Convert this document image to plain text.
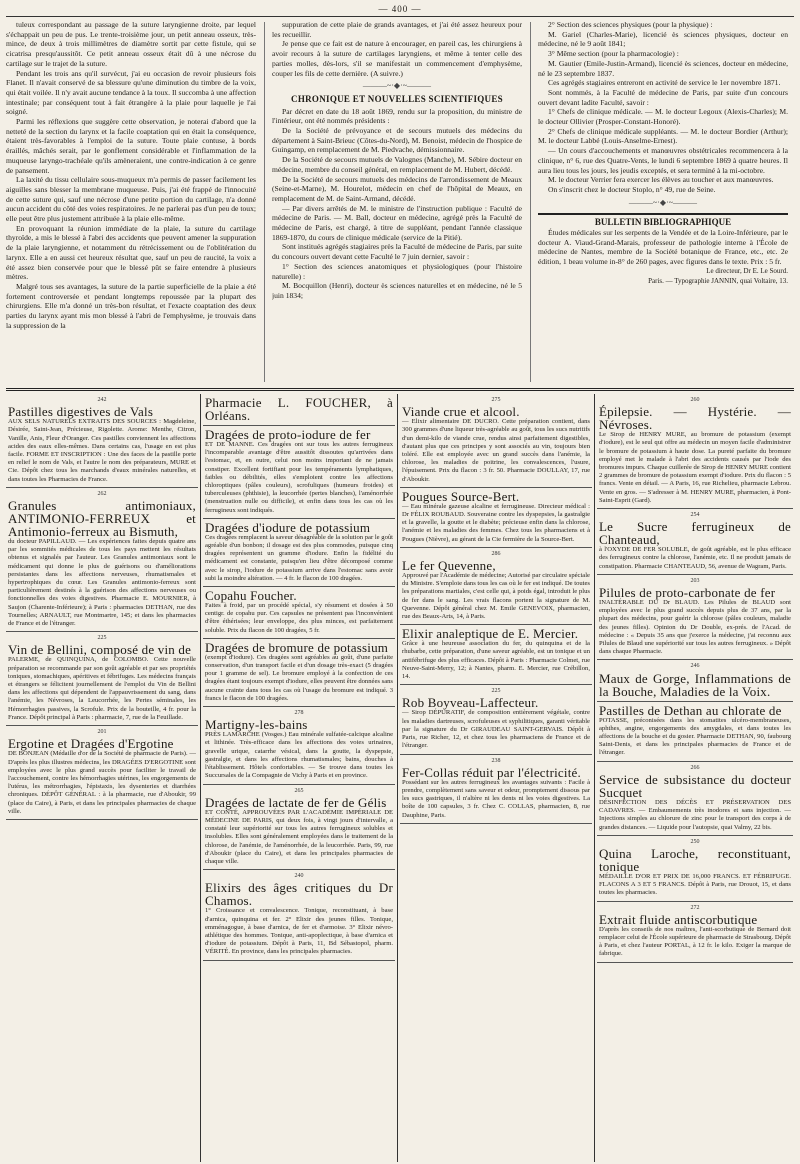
— 400 —

tuleux correspondant au passage de la suture laryngienne droite, par lequel s'échappait un peu de pus. Le trente-troisième jour, un petit anneau osseux, très-mince, de deux à trois millimètres de diamètre sortit par cette fistule, qui se cicatrisa presqu'aussitôt. Ce petit anneau osseux était dû à une nécrose du cartilage sur le trajet de la suture.

Pendant les trois ans qu'il survécut, j'ai eu occasion de revoir plusieurs fois Flanet. Il n'avait conservé de sa blessure qu'une diminution du timbre de la voix, qui était voilée. Il n'y avait aucune tendance à la toux. Il succomba à une affection intestinale; par conséquent tout à fait étrangère à la plaie pour laquelle je l'ai soigné.

Parmi les réflexions que suggère cette observation, je noterai d'abord que la netteté de la section du larynx et la facile coaptation qui en était la conséquence, étaient très-favorables à l'emploi de la suture. Toute plaie contuse, à bords éraillés, mâchés serait, par le gonflement considérable et l'inflammation de la muqueuse laryngo-trachéale qu'ils amèneraient, une contre-indication à ce genre de pansement.

La laxité du tissu cellulaire sous-muqueux m'a permis de passer facilement les aiguilles sans blesser la membrane muqueuse. Puis, j'ai été frappé de l'innocuité de cette suture qui, sauf une nécrose d'une petite portion du cartilage, n'a donné aucun accident du côté des voies respiratoires. Je ne parlerai pas d'un peu de toux; elle peut être plus justement attribuée à la plaie elle-même.

En provoquant la réunion immédiate de la plaie, la suture du cartilage thyroïde, a mis le blessé à l'abri des accidents que peuvent amener la suppuration de la plaie laryngienne, et notamment du rétrécissement ou de l'oblitération du larynx. Elle a en aussi cet heureux résultat que, sauf un peu de raucité, la voix a été assez bien conservée pour que le blessé pût se faire entendre à plusieurs mètres.

Malgré tous ses avantages, la suture de la partie superficielle de la plaie a été fortement controversée et pendant longtemps repoussée par la plupart des chirurgiens. Elle m'a donné un très-bon résultat, et l'exacte coaptation des deux parties du larynx ayant mis mon blessé à l'abri de l'emphysème, je trouvais dans la suppression de la

suppuration de cette plaie de grands avantages, et j'ai été assez heureux pour les recueillir.

Je pense que ce fait est de nature à encourager, en pareil cas, les chirurgiens à avoir recours à la suture de cartilages laryngiens, et même à tenter celle des parties molles, dès-lors, s'il se manifestait un commencement d'emphysème, couper les fils de cette dernière. (A suivre.)

———~·◆·~———
CHRONIQUE ET NOUVELLES SCIENTIFIQUES

Par décret en date du 18 août 1869, rendu sur la proposition, du ministre de l'intérieur, ont été nommés présidents :

De la Société de prévoyance et de secours mutuels des médecins du département à Saint-Brieuc (Côtes-du-Nord), M. Benoist, médecin de l'hospice de Guingamp, en remplacement de M. Piedvache, démissionnaire.

De la Société de secours mutuels de Valognes (Manche), M. Sébire docteur en médecine, membre du conseil général, en remplacement de M. Hubert, décédé.

De la Société de secours mutuels des médecins de l'arrondissement de Meaux (Seine-et-Marne), M. Hourelot, médecin en chef de l'hôpital de Meaux, en remplacement de M. de Saint-Armand, décédé.

— Par divers arrêtés de M. le ministre de l'instruction publique : Faculté de médecine de Paris. — M. Ball, docteur en médecine, agrégé près la Faculté de médecine de Paris, est chargé, à titre de suppléant, pendant l'année classique 1869-1870, du cours de clinique médicale (service de la Pitié).

Sont institués agrégés stagiaires près la Faculté de médecine de Paris, par suite du concours ouvert devant cette Faculté le 7 juin dernier, savoir :

1° Section des sciences anatomiques et physiologiques (pour l'histoire naturelle) :

M. Bocquillon (Henri), docteur ès sciences naturelles et en médecine, né le 5 juin 1834;

2° Section des sciences physiques (pour la physique) :

M. Gariel (Charles-Marie), licencié ès sciences physiques, docteur en médecine, né le 9 août 1841;

3° Même section (pour la pharmacologie) :

M. Gautier (Emile-Justin-Armand), licencié ès sciences, docteur en médecine, né le 23 septembre 1837.

Ces agrégés stagiaires entreront en activité de service le 1er novembre 1871.

Sont nommés, à la Faculté de médecine de Paris, par suite d'un concours ouvert devant ladite Faculté, savoir :

1° Chefs de clinique médicale. — M. le docteur Legoux (Alexis-Charles); M. le docteur Ollivier (Prosper-Constant-Honoré).

2° Chefs de clinique médicale suppléants. — M. le docteur Bordier (Arthur); M. le docteur Labbé (Louis-Anselme-Ernest).

— Un cours d'accouchements et manœuvres obstétricales recommencera à la clinique, n° 6, rue des Quatre-Vents, le lundi 6 septembre 1869 à quatre heures. Il aura lieu tous les jours, les jeudis exceptés, et sera terminé à la mi-octobre.

M. le docteur Verrier fera exercer les élèves au toucher et aux manœuvres.

On s'inscrit chez le docteur Stoplo, n° 49, rue de Seine.

———~·◆·~———
BULLETIN BIBLIOGRAPHIQUE

Études médicales sur les serpents de la Vendée et de la Loire-Inférieure, par le docteur A. Viaud-Grand-Marais, professeur de pathologie interne à l'École de médecine de Nantes, membre de la Société botanique de France, etc., etc. 2e édition, 1 beau volume in-8° de 260 pages, avec figures dans le texte. Prix : 5 fr.

Le directeur, Dr E. Le Sourd.
Paris. — Typographie JANNIN, quai Voltaire, 13.
242
Pastilles digestives de Vals
AUX SELS NATURELS EXTRAITS DES SOURCES : Magdeleine, Désirée, Saint-Jean, Précieuse, Rigolette. Arome: Menthe, Citron, Vanille, Anis, Fleur d'Oranger. Ces pastilles conviennent les affections acides des eaux elles-mêmes. Dans certains cas, l'usage en est plus facile. FORME ET INSCRIPTION : Une des faces de la pastille porte en relief le nom de Vals, et l'autre le nom des préparateurs, MURE et Cie. Dépôt chez tous les marchands d'eaux minérales naturelles, et dans toutes les Pharmacies de France.
262
Granules antimoniaux, ANTIMONIO-FERREUX et Antimonio-ferreux au Bismuth,
du docteur PAPILLAUD. — Les expériences faites depuis quatre ans par les sommités médicales de tous les pays mettent les résultats obtenus et signalés par l'auteur. Les Granules antimoniaux sont le médicament qui donne le plus de guérisons ou d'améliorations persistantes dans les affections nerveuses, rhumatismales et hypertrophiques du cœur. Les Granules antimonio-ferreux sont particulièrement destinés à la guérison des affections nerveuses ou fonctionnelles des voies digestives. Pharmacie E. MOURNIER, à Saujon (Charente-Inférieure); à Paris : pharmacies DETHAN, rue des Tournelles; ARNAULT, rue Montmartre, 145; et dans les pharmacies de France et de l'étranger.
225
Vin de Bellini, composé de vin de
PALERME, de QUINQUINA, de COLOMBO. Cette nouvelle préparation se recommande par son goût agréable et par ses propriétés toniques, stomachiques, apéritives et fébrifuges. Les médecins français et étrangers se félicitent journellement de l'emploi du Vin de Bellini dans les affections qui dépendent de l'appauvrissement du sang, dans l'anémie, les Névroses, la Leucorrhée, les Pertes séminales, les Hémorrhagies passives, la Scrofule. Prix de la bouteille, 4 fr. pour la France. Dépôt principal à Paris : pharmacie, 7, rue de la Feuillade.
201
Ergotine et Dragées d'Ergotine
DE BONJEAN (Médaille d'or de la Société de pharmacie de Paris). — D'après les plus illustres médecins, les DRAGÉES D'ERGOTINE sont employées avec le plus grand succès pour faciliter le travail de l'accouchement, contre les hémorrhagies utérines, les engorgements de l'utérus, les métrorrhagies, l'épistaxis, les dysenteries et diarrhées chroniques. DÉPÔT GÉNÉRAL : à la pharmacie, rue d'Aboukir, 99 (place du Caire), à Paris, et dans les principales pharmacies de chaque ville.
Pharmacie L. FOUCHER, à Orléans.
Dragées de proto-iodure de fer
ET DE MANNE. Ces dragées ont sur tous les autres ferrugineux l'incomparable avantage d'être aussitôt dissoutes qu'arrivées dans l'estomac, et, en outre, celui non moins important de ne jamais constiper. Excellent fortifiant pour les tempéraments lymphatiques, faibles ou débilités, elles s'emploient contre les affections chloroptiques (pâles couleurs), scrofuliques (humeurs froides) et tuberculeuses (phthisie), la leucorrhée (pertes blanches), l'aménorrhée (menstruation nulle ou difficile), et enfin dans tous les cas où les ferrugineux sont indiqués.
Dragées d'iodure de potassium
Ces dragées remplacent la saveur désagréable de la solution par le goût agréable d'un bonbon; il dosage est des plus commodes, puisque cinq dragées représentent un gramme d'iodure. Enfin la fidélité du médicament est constante, puisqu'en lieu d'être décomposé comme avec le sirop, l'iodure de potassium arrive dans l'estomac sans avoir subi la moindre altération. — 4 fr. le flacon de 100 dragées.
Copahu Foucher.
Faites à froid, par un procédé spécial, s'y résument et dosées à 50 centigr. de copahu pur. Ces capsules ne présentent pas l'inconvénient d'être éthérisées; leur enveloppe, des plus minces, est parfaitement soluble. Prix du flacon de 100 dragées, 5 fr.
Dragées de bromure de potassium
(exempt d'iodure). Ces dragées sont agréables au goût, d'une parfaite conservation, d'un transport facile et d'un dosage très-exact (5 dragées pour 1 gramme de sel). Le bromure employé à la confection de ces dragées étant toujours exempt d'iodure, elles peuvent être données sans aucune crainte dans tous les cas où l'usage du bromure est indiqué. 3 francs le flacon de 100 dragées.
278
Martigny-les-bains
PRÈS LAMARCHE (Vosges.) Eau minérale sulfatée-calcique alcaline et lithinée. Très-efficace dans les affections des voies urinaires, gravelle urique, catarrhe vésical, dans la goutte, la dyspepsie, gastralgie, et dans les affections rhumatismales; bains, douches à l'établissement. Hôtels confortables. — Se trouve dans toutes les Succursales de la Compagnie de Vichy à Paris et en province.
265
Dragées de lactate de fer de Gélis
ET CONTÉ, APPROUVÉES PAR L'ACADÉMIE IMPÉRIALE DE MÉDECINE DE PARIS, qui deux fois, à vingt jours d'intervalle, a constaté leur supériorité sur tous les autres ferrugineux solubles et insolubles. Elles sont généralement employées dans le traitement de la chlorose, de l'anémie, de l'aménorrhée, de la leucorrhée. Paris, 99, rue d'Aboukir (place du Caire), et dans les principales pharmacies de chaque ville.
240
Elixirs des âges critiques du Dr Chamos.
1° Croissance et convalescence. Tonique, reconstituant, à base d'arnica, quinquina et fer. 2° Elixir des jeunes filles. Tonique, emménagogue, à base d'arnica, de fer et d'armoise. 3° Elixir névro-athlétique des hommes. Tonique, anti-apoplectique, à base d'arnica et d'iodure de potassium. Dépôt à Paris, 11, Bd Sébastopol, pharm. VÉRITÉ. En province, dans les principales pharmacies.
275
Viande crue et alcool.
— Elixir alimentaire DE DUCRO. Cette préparation contient, dans 300 grammes d'une liqueur très-agréable au goût, tous les sucs nutritifs d'un demi-kilo de viande crue, rendus ainsi parfaitement digestibles, d'autant plus que ces principes y sont associés au vin, toujours bien toléré. Elle est employée avec un grand succès dans l'anémie, la chlorose, les maladies de poitrine, les convalescences, l'usure, l'épuisement. Prix du flacon : 3 fr. 50. Pharmacie DOULLAY, 17, rue d'Aboukir.
Pougues Source-Bert.
— Eau minérale gazeuse alcaline et ferrugineuse. Directeur médical : Dr FÉLIX ROUBAUD. Souveraine contre les dyspepsies, la gastralgie et la gravelle, la goutte et le diabète; précieuse enfin dans la chlorose, l'anémie et les maladies des femmes. Chez tous les pharmaciens et à Pougues (Nièvre), au gérant de la Cie fermière de la Source-Bert.
286
Le fer Quevenne,
Approuvé par l'Académie de médecine; Autorisé par circulaire spéciale du Ministre. S'emploie dans tous les cas où le fer est indiqué. De toutes les préparations martiales, c'est celle qui, à poids égal, introduit le plus de fer dans le sang. Les vrais flacons portent la signature de M. Quevenne. Dépôt général chez M. Emile GENEVOIX, pharmacien, rue des Beaux-Arts, 14, à Paris.
Elixir analeptique de E. Mercier.
Grâce à une heureuse association du fer, du quinquina et de la rhubarbe, cette préparation, d'une saveur agréable, est un tonique et un antifébrifuge des plus efficaces. Dépôt à Paris : Pharmacie Colmet, rue Neuve-Saint-Merry, 12; à Nantes, pharm. E. Mercier, rue Crébillon, 14.
225
Rob Boyveau-Laffecteur.
— Sirop DÉPURATIF, de composition entièrement végétale, contre les maladies dartreuses, scrofuleuses et syphilitiques, garanti véritable par la signature du Dr GIRAUDEAU SAINT-GERVAIS. Dépôt à Paris, rue Richer, 12, et chez tous les pharmaciens de France et de l'étranger.
238
Fer-Collas réduit par l'électricité.
Possédant sur les autres ferrugineux les avantages suivants : Facile à prendre, complètement sans saveur et odeur, promptement dissous par les sucs gastriques, il n'altère ni les dents ni les voies digestives. La boîte de 100 capsules, 3 fr. Chez C. COLLAS, pharmacien, 8, rue Dauphine, Paris.
260
Épilepsie. — Hystérie. — Névroses.
Le Sirop de HENRY MURE, au bromure de potassium (exempt d'iodure), est le seul qui offre au médecin un moyen facile d'administrer le bromure de potassium à haute dose. La pureté parfaite du bromure employé met le malade à l'abri des accidents causés par l'iode des bromures impurs. Chaque cuillerée de Sirop de HENRY MURE contient 2 grammes de bromure de potassium exempt d'iodure. Prix du flacon : 5 francs. Vente en détail. — A Paris, 16, rue Richelieu, pharmacie Lebrou. Vente en gros. — S'adresser à M. HENRY MURE, pharmacien, à Pont-Saint-Esprit (Gard).
254
Le Sucre ferrugineux de Chanteaud,
à l'OXYDE DE FER SOLUBLE, de goût agréable, est le plus efficace des ferrugineux contre la chlorose, l'anémie, etc. Il ne produit jamais de constipation. Pharmacie CHANTEAUD, 56, avenue de Wagram, Paris.
203
Pilules de proto-carbonate de fer
INALTÉRABLE DU Dr BLAUD. Les Pilules de BLAUD sont employées avec le plus grand succès depuis plus de 37 ans, par la plupart des médecins, pour guérir la chlorose (pâles couleurs, maladie des jeunes filles). Opinion du Dr Double, ex-prés. de l'Acad. de médecine : « Depuis 35 ans que j'exerce la médecine, j'ai reconnu aux Pilules de Blaud une supériorité sur tous les autres ferrugineux. » Dépôt dans chaque Pharmacie.
246
Maux de Gorge, Inflammations de la Bouche, Maladies de la Voix.
Pastilles de Dethan au chlorate de
POTASSE, préconisées dans les stomatites ulcéro-membraneuses, aphthes, angine, engorgements des amygdales, et dans toutes les affections de la bouche et du gosier. Pharmacie DETHAN, 90, faubourg Saint-Denis, et dans les principales pharmacies de France et de l'étranger.
266
Service de subsistance du docteur Sucquet
DÉSINFECTION DES DÉCÈS ET PRÉSERVATION DES CADAVRES. — Embaumements très inodores et sans injection. — Injections simples au chlorure de zinc pour le transport des corps à de grandes distances. — Liquide pour l'autopsie, quai Valmy, 22 bis.
250
Quina Laroche, reconstituant, tonique
MÉDAILLE D'OR ET PRIX DE 16,000 FRANCS. ET FÉBRIFUGE. FLACONS A 3 ET 5 FRANCS. Dépôt à Paris, rue Drouot, 15, et dans toutes les pharmacies.
272
Extrait fluide antiscorbutique
D'après les conseils de nos maîtres, l'anti-scorbutique de Bernard doit remplacer celui de l'École supérieure de pharmacie de Strasbourg. Dépôt à Paris, et chez l'auteur PORTAL, à 12 fr. le kilo. Exiger la marque de fabrique.
